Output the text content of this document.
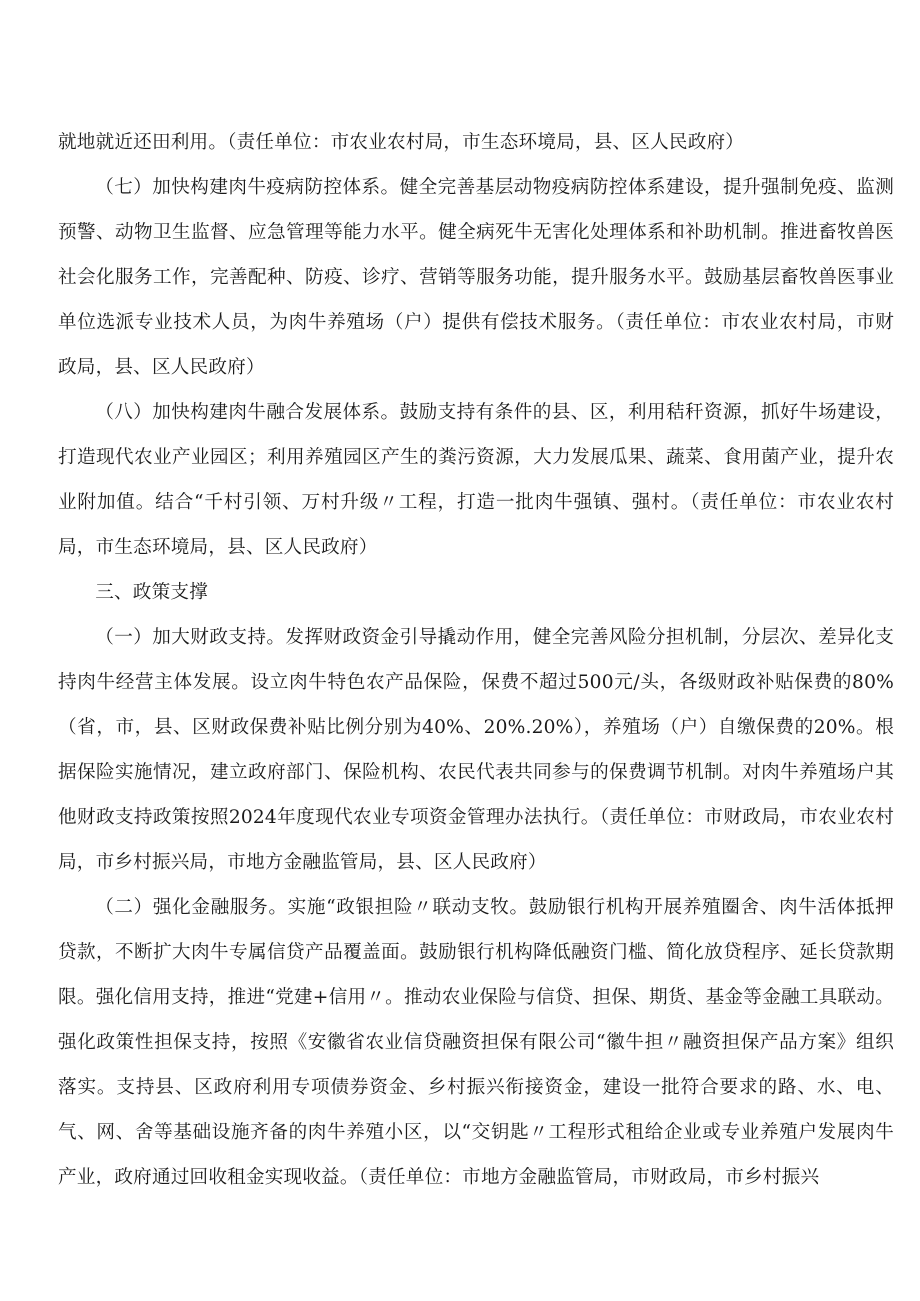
就地就近还田利用。（责任单位：市农业农村局，市生态环境局，县、区人民政府）

（七）加快构建肉牛疫病防控体系。健全完善基层动物疫病防控体系建设，提升强制免疫、监测预警、动物卫生监督、应急管理等能力水平。健全病死牛无害化处理体系和补助机制。推进畜牧兽医社会化服务工作，完善配种、防疫、诊疗、营销等服务功能，提升服务水平。鼓励基层畜牧兽医事业单位选派专业技术人员，为肉牛养殖场（户）提供有偿技术服务。（责任单位：市农业农村局，市财政局，县、区人民政府）

（八）加快构建肉牛融合发展体系。鼓励支持有条件的县、区，利用秸秆资源，抓好牛场建设，打造现代农业产业园区；利用养殖园区产生的粪污资源，大力发展瓜果、蔬菜、食用菌产业，提升农业附加值。结合“千村引领、万村升级〃工程，打造一批肉牛强镇、强村。（责任单位：市农业农村局，市生态环境局，县、区人民政府）

三、政策支撑

（一）加大财政支持。发挥财政资金引导撬动作用，健全完善风险分担机制，分层次、差异化支持肉牛经营主体发展。设立肉牛特色农产品保险，保费不超过500元/头，各级财政补贴保费的80%（省，市，县、区财政保费补贴比例分别为40%、20%.20%），养殖场（户）自缴保费的20%。根据保险实施情况，建立政府部门、保险机构、农民代表共同参与的保费调节机制。对肉牛养殖场户其他财政支持政策按照2024年度现代农业专项资金管理办法执行。（责任单位：市财政局，市农业农村局，市乡村振兴局，市地方金融监管局，县、区人民政府）

（二）强化金融服务。实施“政银担险〃联动支牧。鼓励银行机构开展养殖圈舍、肉牛活体抵押贷款，不断扩大肉牛专属信贷产品覆盖面。鼓励银行机构降低融资门槛、简化放贷程序、延长贷款期限。强化信用支持，推进“党建+信用〃。推动农业保险与信贷、担保、期货、基金等金融工具联动。强化政策性担保支持，按照《安徽省农业信贷融资担保有限公司“徽牛担〃融资担保产品方案》组织落实。支持县、区政府利用专项债券资金、乡村振兴衔接资金，建设一批符合要求的路、水、电、气、网、舍等基础设施齐备的肉牛养殖小区，以“交钥匙〃工程形式租给企业或专业养殖户发展肉牛产业，政府通过回收租金实现收益。（责任单位：市地方金融监管局，市财政局，市乡村振兴
